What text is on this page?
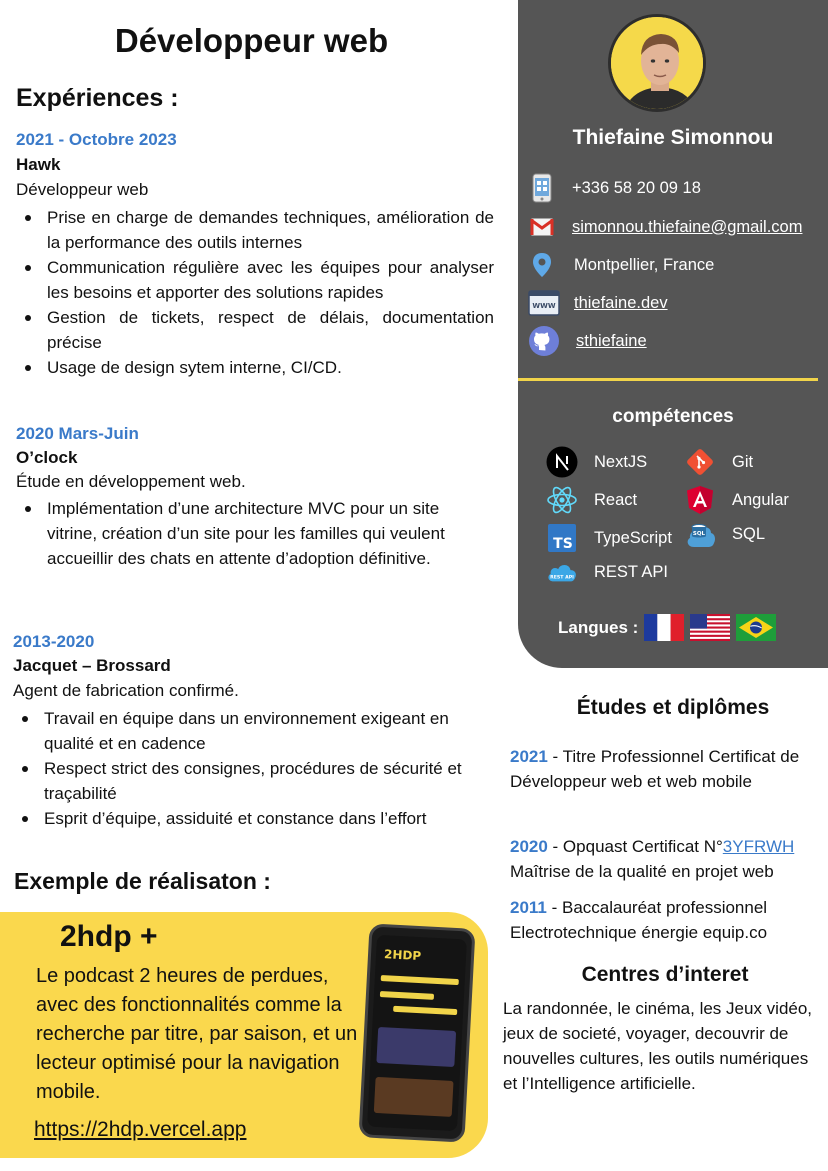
Développeur web
Expériences :
2021 - Octobre 2023
Hawk
Développeur web
Prise en charge de demandes techniques, amélioration de la performance des outils internes
Communication régulière avec les équipes pour analyser les besoins et apporter des solutions rapides
Gestion de tickets, respect de délais, documentation précise
Usage de design sytem interne, CI/CD.
2020 Mars-Juin
O’clock
Étude en développement web.
Implémentation d’une architecture MVC pour un site vitrine, création d’un site pour les familles qui veulent accueillir des chats en attente d’adoption définitive.
2013-2020
Jacquet – Brossard
Agent de fabrication confirmé.
Travail en équipe dans un environnement exigeant en qualité et en cadence
Respect strict des consignes, procédures de sécurité et traçabilité
Esprit d’équipe, assiduité et constance dans l’effort
Exemple de réalisaton :
2hdp +
Le podcast 2 heures de perdues, avec des fonctionnalités comme la recherche par titre, par saison, et un lecteur optimisé pour la navigation mobile.
https://2hdp.vercel.app
2HDP
Thiefaine Simonnou
+336 58 20 09 18
simonnou.thiefaine@gmail.com
Montpellier, France
WWW thiefaine.dev
sthiefaine
compétences
NextJS
React
TS TypeScript
REST API REST API
Git
Angular
SQL SQL
Langues :
Études et diplômes
2021 - Titre Professionnel Certificat de Développeur web et web mobile
2020 - Opquast Certificat N°3YFRWH Maîtrise de la qualité en projet web
2011 - Baccalauréat professionnel Electrotechnique énergie equip.co
Centres d’interet
La randonnée, le cinéma, les Jeux vidéo, jeux de societé, voyager, decouvrir de nouvelles cultures, les outils numériques et l’Intelligence artificielle.
